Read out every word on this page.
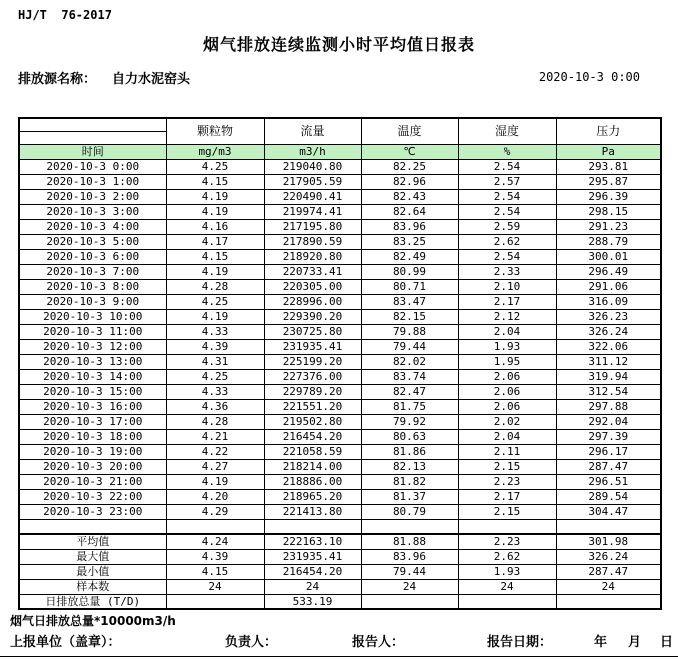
HJ/T  76-2017
烟气排放连续监测小时平均值日报表
排放源名称： 自力水泥窑头	2020-10-3 0:00
	颗粒物	流量	温度	湿度	压力

时间	mg/m3	m3/h	℃	%	Pa
2020-10-3 0:00	4.25	219040.80	82.25	2.54	293.81
2020-10-3 1:00	4.15	217905.59	82.96	2.57	295.87
2020-10-3 2:00	4.19	220490.41	82.43	2.54	296.39
2020-10-3 3:00	4.19	219974.41	82.64	2.54	298.15
2020-10-3 4:00	4.16	217195.80	83.96	2.59	291.23
2020-10-3 5:00	4.17	217890.59	83.25	2.62	288.79
2020-10-3 6:00	4.15	218920.80	82.49	2.54	300.01
2020-10-3 7:00	4.19	220733.41	80.99	2.33	296.49
2020-10-3 8:00	4.28	220305.00	80.71	2.10	291.06
2020-10-3 9:00	4.25	228996.00	83.47	2.17	316.09
2020-10-3 10:00	4.19	229390.20	82.15	2.12	326.23
2020-10-3 11:00	4.33	230725.80	79.88	2.04	326.24
2020-10-3 12:00	4.39	231935.41	79.44	1.93	322.06
2020-10-3 13:00	4.31	225199.20	82.02	1.95	311.12
2020-10-3 14:00	4.25	227376.00	83.74	2.06	319.94
2020-10-3 15:00	4.33	229789.20	82.47	2.06	312.54
2020-10-3 16:00	4.36	221551.20	81.75	2.06	297.88
2020-10-3 17:00	4.28	219502.80	79.92	2.02	292.04
2020-10-3 18:00	4.21	216454.20	80.63	2.04	297.39
2020-10-3 19:00	4.22	221058.59	81.86	2.11	296.17
2020-10-3 20:00	4.27	218214.00	82.13	2.15	287.47
2020-10-3 21:00	4.19	218886.00	81.82	2.23	296.51
2020-10-3 22:00	4.20	218965.20	81.37	2.17	289.54
2020-10-3 23:00	4.29	221413.80	80.79	2.15	304.47

平均值	4.24	222163.10	81.88	2.23	301.98
最大值	4.39	231935.41	83.96	2.62	326.24
最小值	4.15	216454.20	79.44	1.93	287.47
样本数	24	24	24	24	24
日排放总量 (T/D)		533.19			
烟气日排放总量*10000m3/h
上报单位（盖章）：	负责人：	报告人：	报告日期：	年 月 日
